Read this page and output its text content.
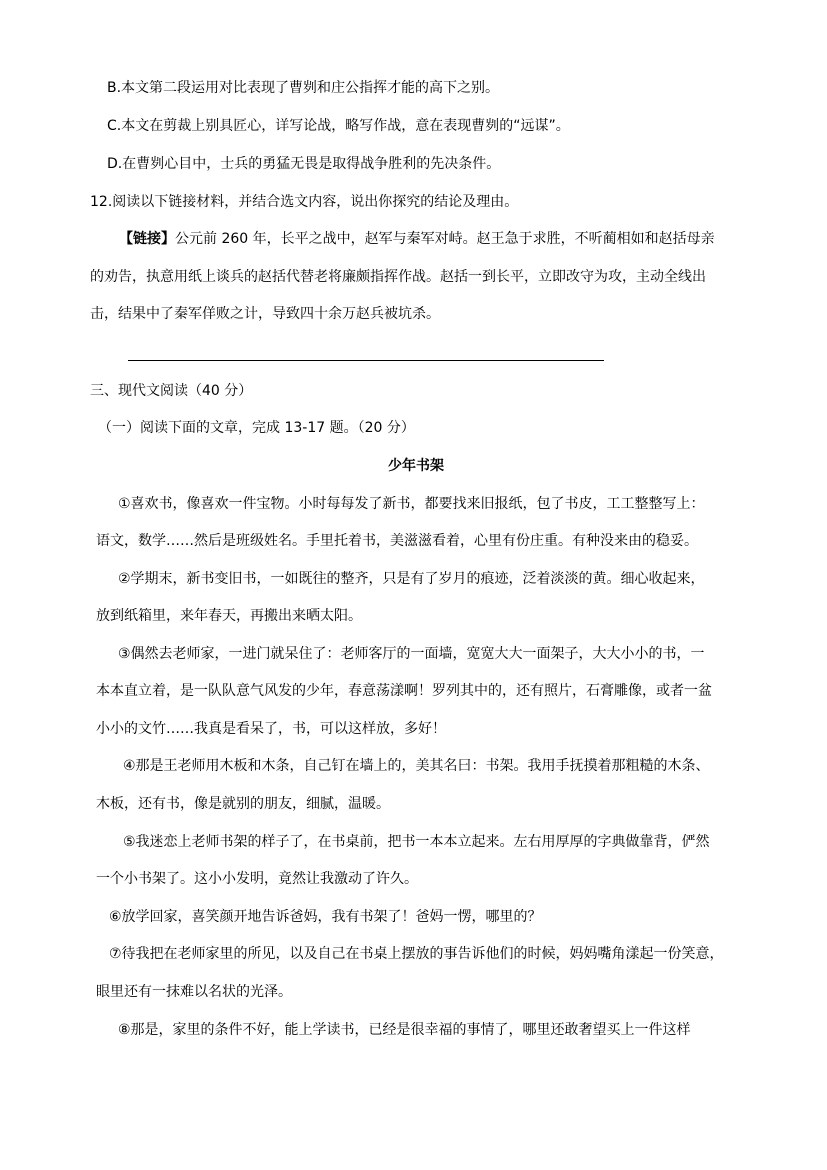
B.本文第二段运用对比表现了曹刿和庄公指挥才能的高下之别。
C.本文在剪裁上别具匠心，详写论战，略写作战，意在表现曹刿的“远谋”。
D.在曹刿心目中，士兵的勇猛无畏是取得战争胜利的先决条件。
12.阅读以下链接材料，并结合选文内容，说出你探究的结论及理由。
【链接】公元前 260 年，长平之战中，赵军与秦军对峙。赵王急于求胜，不听蔺相如和赵括母亲
的劝告，执意用纸上谈兵的赵括代替老将廉颇指挥作战。赵括一到长平，立即改守为攻，主动全线出
击，结果中了秦军佯败之计，导致四十余万赵兵被坑杀。
三、现代文阅读（40 分）
（一）阅读下面的文章，完成 13-17 题。（20 分）
少年书架
①喜欢书，像喜欢一件宝物。小时每每发了新书，都要找来旧报纸，包了书皮，工工整整写上：
语文，数学……然后是班级姓名。手里托着书，美滋滋看着，心里有份庄重。有种没来由的稳妥。
②学期末，新书变旧书，一如既往的整齐，只是有了岁月的痕迹，泛着淡淡的黄。细心收起来，
放到纸箱里，来年春天，再搬出来晒太阳。
③偶然去老师家，一进门就呆住了：老师客厅的一面墙，宽宽大大一面架子，大大小小的书，一
本本直立着，是一队队意气风发的少年，春意荡漾啊！罗列其中的，还有照片，石膏雕像，或者一盆
小小的文竹……我真是看呆了，书，可以这样放，多好！
④那是王老师用木板和木条，自己钉在墙上的，美其名曰：书架。我用手抚摸着那粗糙的木条、
木板，还有书，像是就别的朋友，细腻，温暖。
⑤我迷恋上老师书架的样子了，在书桌前，把书一本本立起来。左右用厚厚的字典做靠背，俨然
一个小书架了。这小小发明，竟然让我激动了许久。
⑥放学回家，喜笑颜开地告诉爸妈，我有书架了！爸妈一愣，哪里的？
⑦待我把在老师家里的所见，以及自己在书桌上摆放的事告诉他们的时候，妈妈嘴角漾起一份笑意，
眼里还有一抹难以名状的光泽。
⑧那是，家里的条件不好，能上学读书，已经是很幸福的事情了，哪里还敢奢望买上一件这样
